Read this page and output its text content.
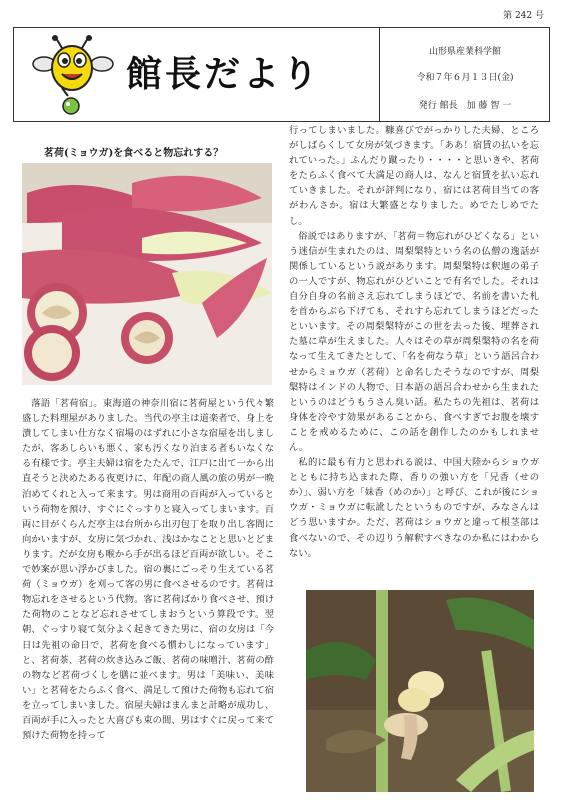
第 242 号
館長だより
山形県産業科学館
令和７年６月１３日(金)
発行 館長　加 藤 智 一
茗荷(ミョウガ)を食べると物忘れする？

落語「茗荷宿」。東海道の神奈川宿に茗荷屋という代々繁盛した料理屋がありました。当代の亭主は道楽者で、身上を潰してしまい仕方なく宿場のはずれに小さな宿屋を出しましたが、客あしらいも悪く、家も汚くなり泊まる者もいなくなる有様です。亭主夫婦は宿をたたんで、江戸に出て一から出直そうと決めたある夜更けに、年配の商人風の旅の男が一晩泊めてくれと入って来ます。男は商用の百両が入っているという荷物を預け、すぐにぐっすりと寝入ってしまいます。百両に目がくらんだ亭主は台所から出刃包丁を取り出し客間に向かいますが、女房に気づかれ、浅はかなことと思いとどまります。だが女房も喉から手が出るほど百両が欲しい。そこで妙案が思い浮かびました。宿の裏にごっそり生えている茗荷（ミョウガ）を刈って客の男に食べさせるのです。茗荷は物忘れをさせるという代物。客に茗荷ばかり食べさせ、預けた荷物のことなど忘れさせてしまおうという算段です。翌朝、ぐっすり寝て気分よく起きてきた男に、宿の女房は「今日は先祖の命日で、茗荷を食べる慣わしになっています」と、茗荷茶、茗荷の炊き込みご飯、茗荷の味噌汁、茗荷の酢の物など茗荷づくしを膳に並べます。男は「美味い、美味い」と茗荷をたらふく食べ、満足して預けた荷物も忘れて宿を立ってしまいました。宿屋夫婦はまんまと計略が成功し、百両が手に入ったと大喜びも束の間、男はすぐに戻って来て預けた荷物を持って

行ってしまいました。糠喜びでがっかりした夫婦、ところがしばらくして女房が気づきます。「ああ！宿賃の払いを忘れていった。」ふんだり蹴ったり・・・・と思いきや、茗荷をたらふく食べて大満足の商人は、なんと宿賃を払い忘れていきました。それが評判になり、宿には茗荷目当ての客がわんさか。宿は大繁盛となりました。めでたしめでたし。

俗説ではありますが、「茗荷＝物忘れがひどくなる」という迷信が生まれたのは、周梨槃特という名の仏僧の逸話が関係しているという説があります。周梨槃特は釈迦の弟子の一人ですが、物忘れがひどいことで有名でした。それは自分自身の名前さえ忘れてしまうほどで、名前を書いた札を首からぶら下げても、それすら忘れてしまうほどだったといいます。その周梨槃特がこの世を去った後、埋葬された墓に草が生えました。人々はその草が周梨槃特の名を荷なって生えてきたとして、「名を荷なう草」という語呂合わせからミョウガ（茗荷）と命名したそうなのですが、周梨槃特はインドの人物で、日本語の語呂合わせから生まれたというのはどうもうさん臭い話。私たちの先祖は、茗荷は身体を冷やす効果があることから、食べすぎでお腹を壊すことを戒めるために、この話を創作したのかもしれません。

私的に最も有力と思われる説は、中国大陸からショウガとともに持ち込まれた際、香りの強い方を「兄香（せのか）」、弱い方を「妹香（めのか）」と呼び、これが後にショウガ・ミョウガに転訛したというものですが、みなさんはどう思いますか。ただ、茗荷はショウガと違って根茎部は食べないので、その辺りう解釈すべきなのか私にはわからない。
